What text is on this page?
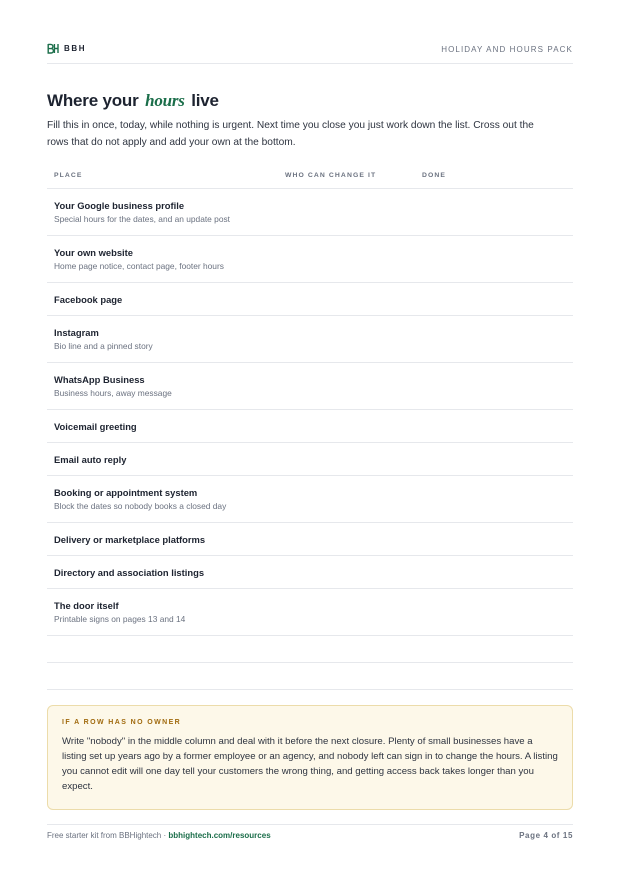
BBH	HOLIDAY AND HOURS PACK
Where your hours live

Fill this in once, today, while nothing is urgent. Next time you close you just work down the list. Cross out the rows that do not apply and add your own at the bottom.

PLACE	WHO CAN CHANGE IT	DONE
Your Google business profile
Special hours for the dates, and an update post
Your own website
Home page notice, contact page, footer hours
Facebook page
Instagram
Bio line and a pinned story
WhatsApp Business
Business hours, away message
Voicemail greeting
Email auto reply
Booking or appointment system
Block the dates so nobody books a closed day
Delivery or marketplace platforms
Directory and association listings
The door itself
Printable signs on pages 13 and 14
IF A ROW HAS NO OWNER

Write "nobody" in the middle column and deal with it before the next closure. Plenty of small businesses have a listing set up years ago by a former employee or an agency, and nobody left can sign in to change the hours. A listing you cannot edit will one day tell your customers the wrong thing, and getting access back takes longer than you expect.

Free starter kit from BBHightech · bbhightech.com/resources	Page 4 of 15
